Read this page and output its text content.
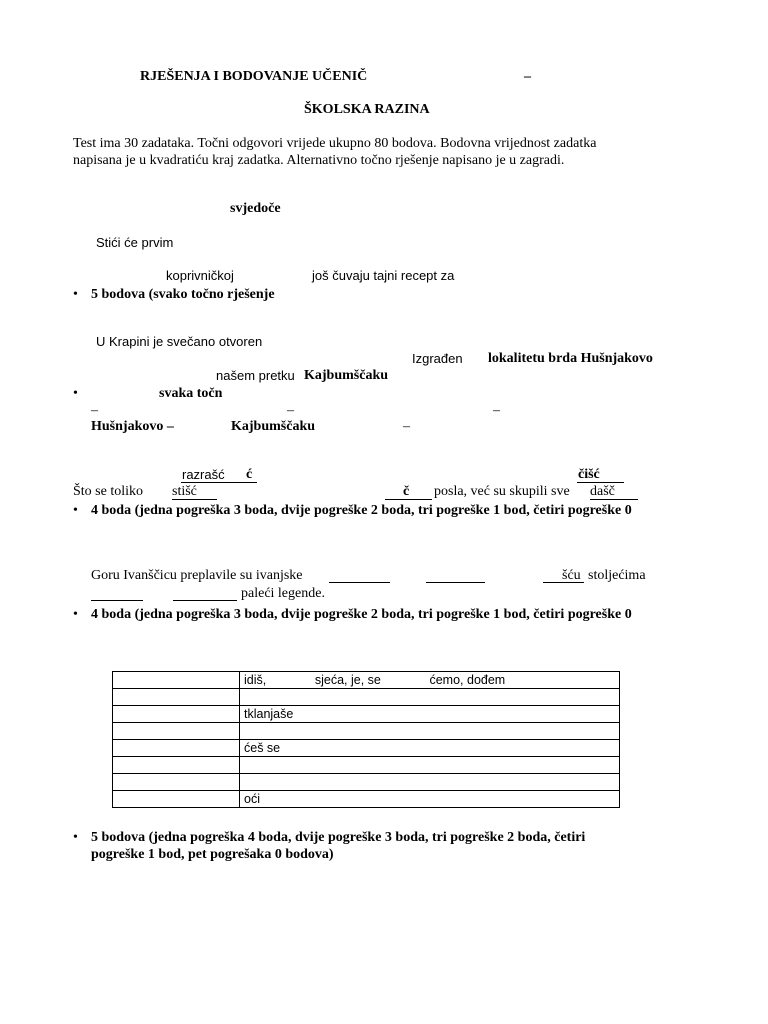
RJEŠENJA I BODOVANJE UČENIČ	–
ŠKOLSKA RAZINA
Test ima 30 zadataka. Točni odgovori vrijede ukupno 80 bodova. Bodovna vrijednost zadatka
napisana je u kvadratiću kraj zadatka. Alternativno točno rješenje napisano je u zagradi.
svjedoče
Stići će prvim
koprivničkoj	još čuvaju tajni recept za
• 5 bodova (svako točno rješenje
U Krapini je svečano otvoren
Izgrađen lokalitetu brda Hušnjakovo
našem pretku Kajbumščaku
•	svaka točn
–	–	–
Hušnjakovo –	Kajbumščaku	–
razrašć ć	čišć
Što se toliko stišć	č posla, već su skupili sve dašč
• 4 boda (jedna pogreška 3 boda, dvije pogreške 2 boda, tri pogreške 1 bod, četiri pogreške 0
Goru Ivanščicu preplavile su ivanjske	šću stoljećima
paleći legende.
• 4 boda (jedna pogreška 3 boda, dvije pogreške 2 boda, tri pogreške 1 bod, četiri pogreške 0
	idiš,              sjeća, je, se              ćemo, dođem

	tklanjaše

	ćeš se

	oći
• 5 bodova (jedna pogreška 4 boda, dvije pogreške 3 boda, tri pogreške 2 boda, četiri
pogreške 1 bod, pet pogrešaka 0 bodova)
